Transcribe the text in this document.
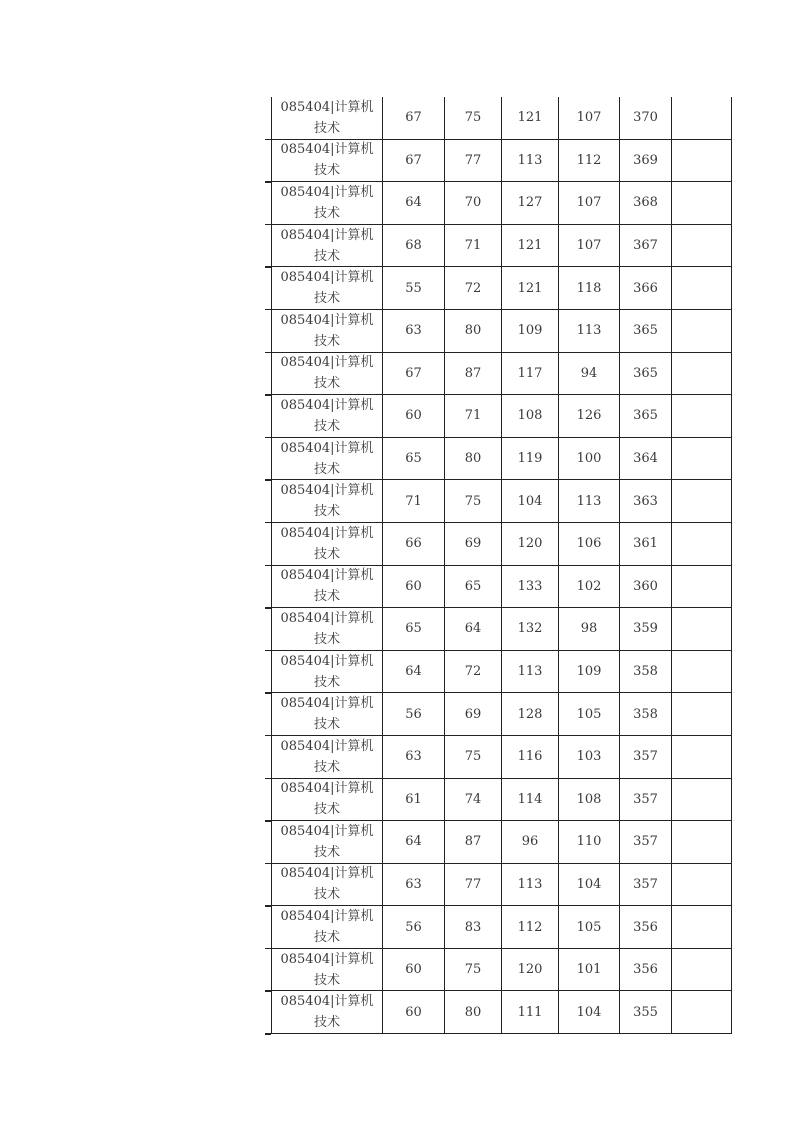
085404|计算机
技术
67	75	121	107	370
085404|计算机
技术
67	77	113	112	369
085404|计算机
技术
64	70	127	107	368
085404|计算机
技术
68	71	121	107	367
085404|计算机
技术
55	72	121	118	366
085404|计算机
技术
63	80	109	113	365
085404|计算机
技术
67	87	117	94	365
085404|计算机
技术
60	71	108	126	365
085404|计算机
技术
65	80	119	100	364
085404|计算机
技术
71	75	104	113	363
085404|计算机
技术
66	69	120	106	361
085404|计算机
技术
60	65	133	102	360
085404|计算机
技术
65	64	132	98	359
085404|计算机
技术
64	72	113	109	358
085404|计算机
技术
56	69	128	105	358
085404|计算机
技术
63	75	116	103	357
085404|计算机
技术
61	74	114	108	357
085404|计算机
技术
64	87	96	110	357
085404|计算机
技术
63	77	113	104	357
085404|计算机
技术
56	83	112	105	356
085404|计算机
技术
60	75	120	101	356
085404|计算机
技术
60	80	111	104	355
